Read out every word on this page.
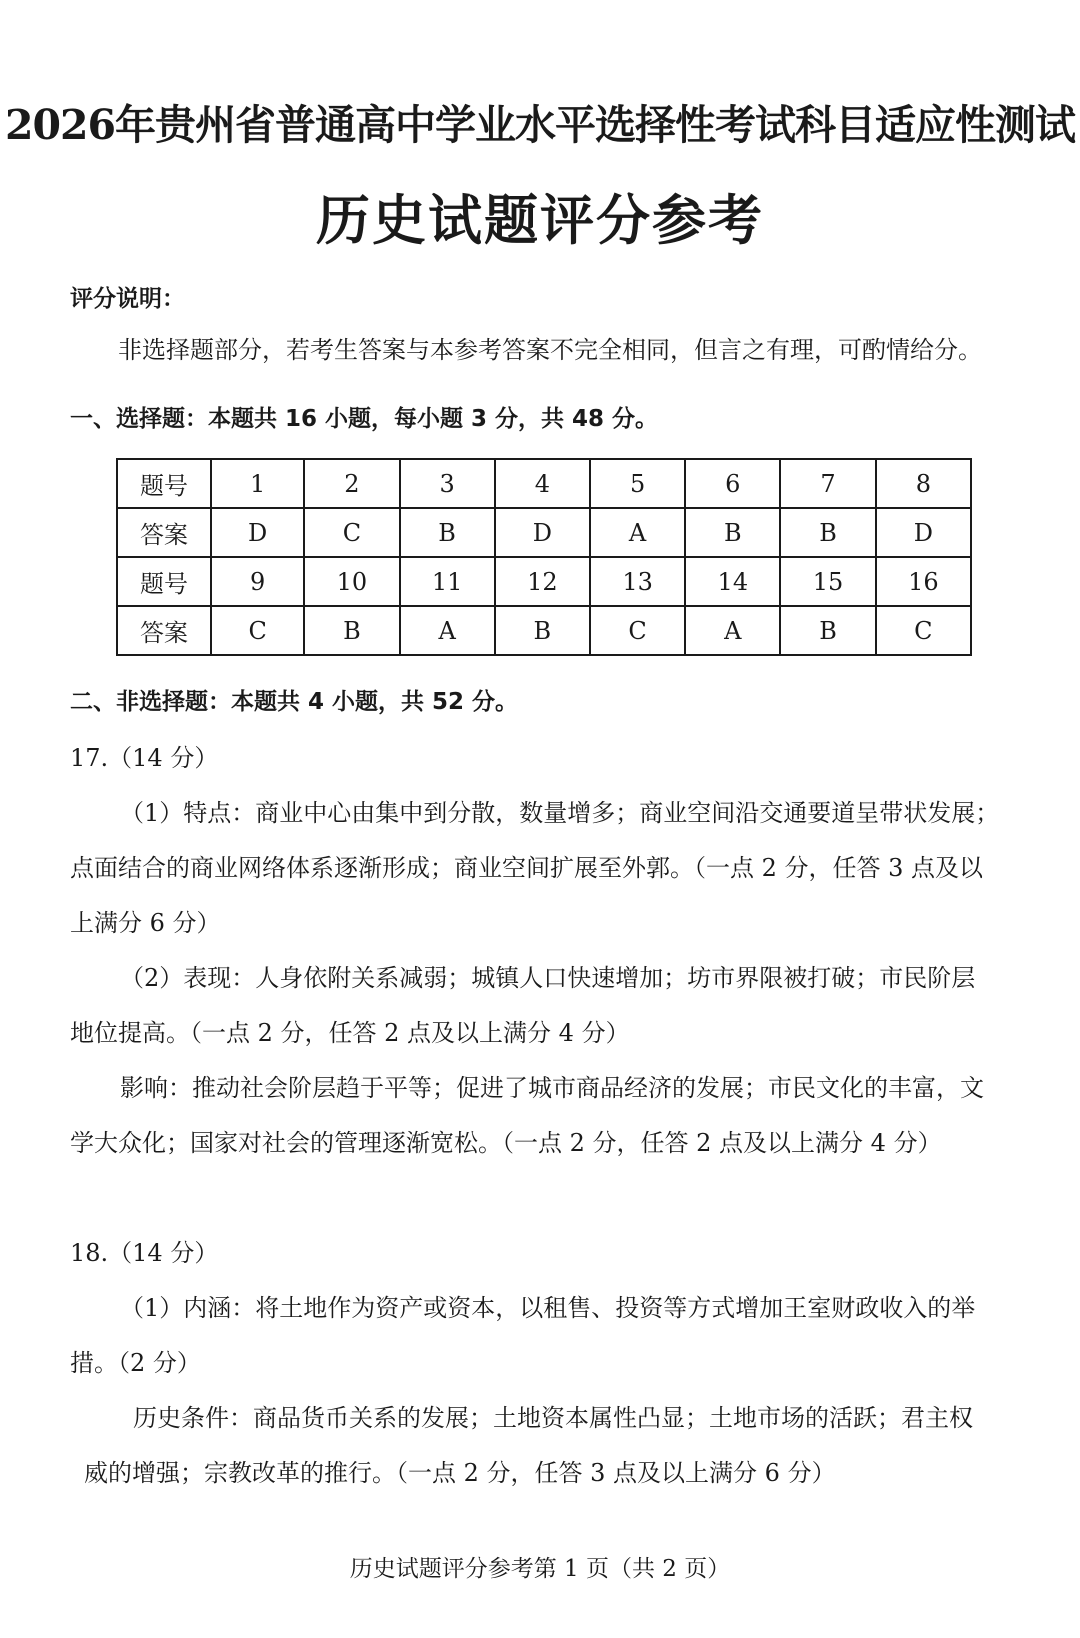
2026年贵州省普通高中学业水平选择性考试科目适应性测试
历史试题评分参考
评分说明：
非选择题部分，若考生答案与本参考答案不完全相同，但言之有理，可酌情给分。
一、选择题：本题共 16 小题，每小题 3 分，共 48 分。
题号	1	2	3	4	5	6	7	8
答案	D	C	B	D	A	B	B	D
题号	9	10	11	12	13	14	15	16
答案	C	B	A	B	C	A	B	C
二、非选择题：本题共 4 小题，共 52 分。
17.（14 分）
（1）特点：商业中心由集中到分散，数量增多；商业空间沿交通要道呈带状发展；
点面结合的商业网络体系逐渐形成；商业空间扩展至外郭。（一点 2 分，任答 3 点及以
上满分 6 分）
（2）表现：人身依附关系减弱；城镇人口快速增加；坊市界限被打破；市民阶层
地位提高。（一点 2 分，任答 2 点及以上满分 4 分）
影响：推动社会阶层趋于平等；促进了城市商品经济的发展；市民文化的丰富，文
学大众化；国家对社会的管理逐渐宽松。（一点 2 分，任答 2 点及以上满分 4 分）
18.（14 分）
（1）内涵：将土地作为资产或资本，以租售、投资等方式增加王室财政收入的举
措。（2 分）
历史条件：商品货币关系的发展；土地资本属性凸显；土地市场的活跃；君主权
威的增强；宗教改革的推行。（一点 2 分，任答 3 点及以上满分 6 分）
历史试题评分参考第 1 页（共 2 页）
